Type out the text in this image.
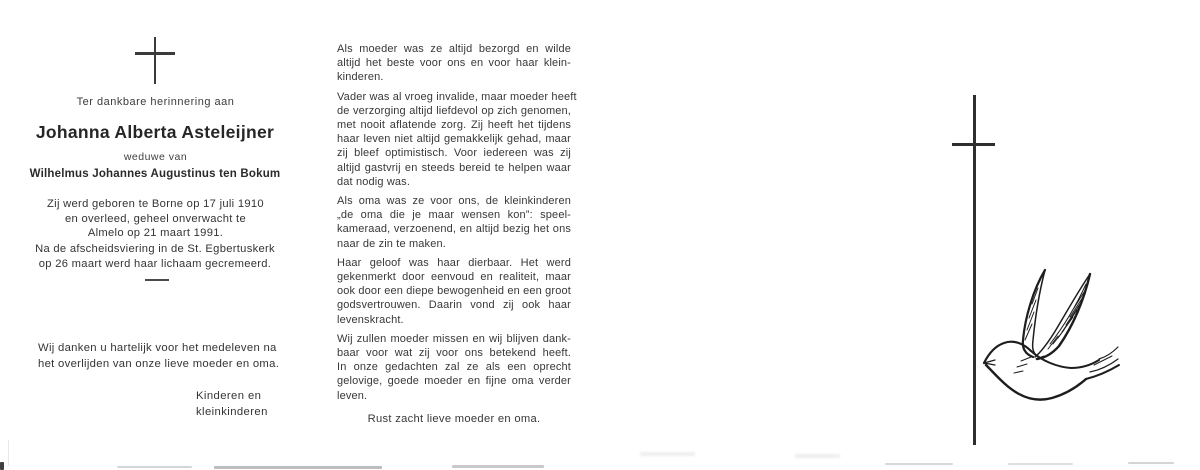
Ter dankbare herinnering aan
Johanna Alberta Asteleijner
weduwe van
Wilhelmus Johannes Augustinus ten Bokum
Zij werd geboren te Borne op 17 juli 1910
en overleed, geheel onverwacht te
Almelo op 21 maart 1991.
Na de afscheidsviering in de St. Egbertuskerk
op 26 maart werd haar lichaam gecremeerd.
Wij danken u hartelijk voor het medeleven na
het overlijden van onze lieve moeder en oma.
Kinderen en
kleinkinderen
Als moeder was ze altijd bezorgd en wilde
altijd het beste voor ons en voor haar klein-
kinderen.
Vader was al vroeg invalide, maar moeder heeft
de verzorging altijd liefdevol op zich genomen,
met nooit aflatende zorg. Zij heeft het tijdens
haar leven niet altijd gemakkelijk gehad, maar
zij bleef optimistisch. Voor iedereen was zij
altijd gastvrij en steeds bereid te helpen waar
dat nodig was.
Als oma was ze voor ons, de kleinkinderen
„de oma die je maar wensen kon”: speel-
kameraad, verzoenend, en altijd bezig het ons
naar de zin te maken.
Haar geloof was haar dierbaar. Het werd
gekenmerkt door eenvoud en realiteit, maar
ook door een diepe bewogenheid en een groot
godsvertrouwen. Daarin vond zij ook haar
levenskracht.
Wij zullen moeder missen en wij blijven dank-
baar voor wat zij voor ons betekend heeft.
In onze gedachten zal ze als een oprecht
gelovige, goede moeder en fijne oma verder
leven.
Rust zacht lieve moeder en oma.
